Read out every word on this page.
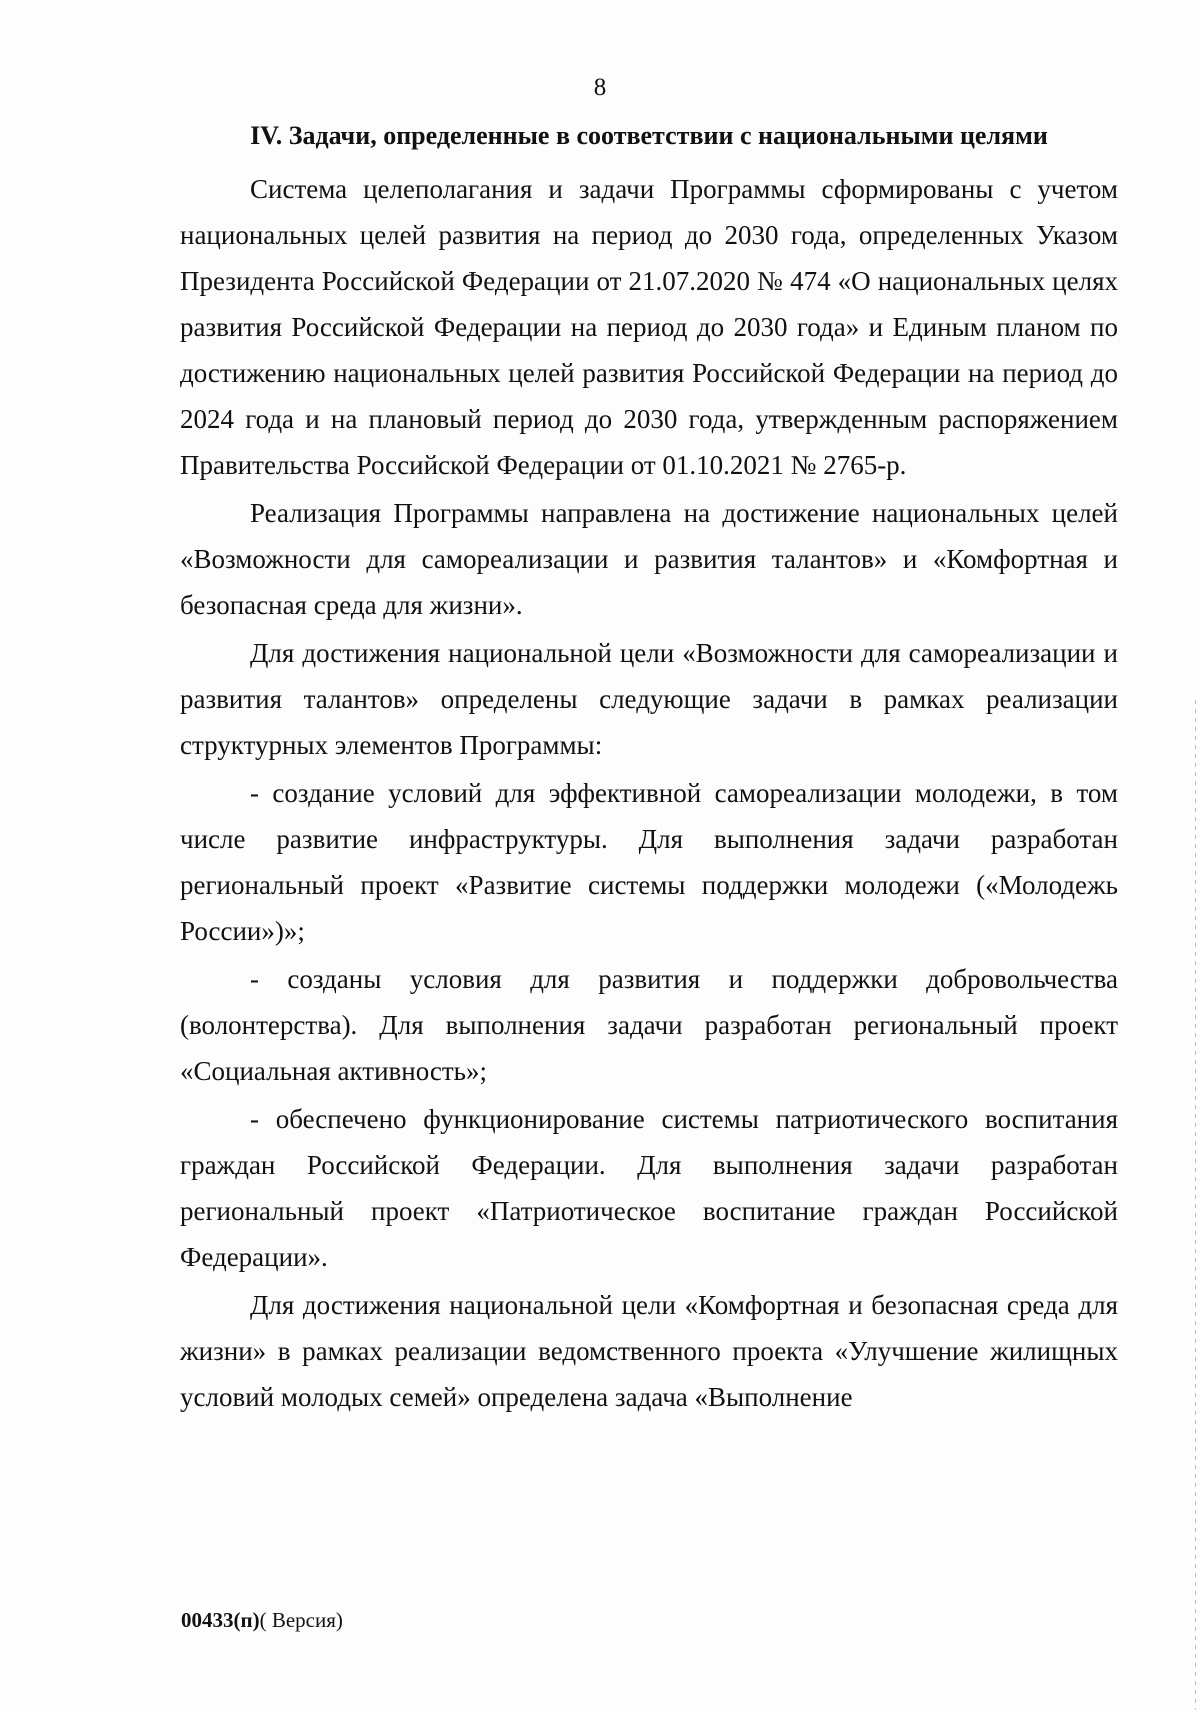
8
IV. Задачи, определенные в соответствии с национальными целями

Система целеполагания и задачи Программы сформированы с учетом национальных целей развития на период до 2030 года, определенных Указом Президента Российской Федерации от 21.07.2020 № 474 «О национальных целях развития Российской Федерации на период до 2030 года» и Единым планом по достижению национальных целей развития Российской Федерации на период до 2024 года и на плановый период до 2030 года, утвержденным распоряжением Правительства Российской Федерации от 01.10.2021 № 2765-р.

Реализация Программы направлена на достижение национальных целей «Возможности для самореализации и развития талантов» и «Комфортная и безопасная среда для жизни».

Для достижения национальной цели «Возможности для самореализации и развития талантов» определены следующие задачи в рамках реализации структурных элементов Программы:

- создание условий для эффективной самореализации молодежи, в том числе развитие инфраструктуры. Для выполнения задачи разработан региональный проект «Развитие системы поддержки молодежи («Молодежь России»)»;

- созданы условия для развития и поддержки добровольчества (волонтерства). Для выполнения задачи разработан региональный проект «Социальная активность»;

- обеспечено функционирование системы патриотического воспитания граждан Российской Федерации. Для выполнения задачи разработан региональный проект «Патриотическое воспитание граждан Российской Федерации».

Для достижения национальной цели «Комфортная и безопасная среда для жизни» в рамках реализации ведомственного проекта «Улучшение жилищных условий молодых семей» определена задача «Выполнение

00433(п)( Версия)
